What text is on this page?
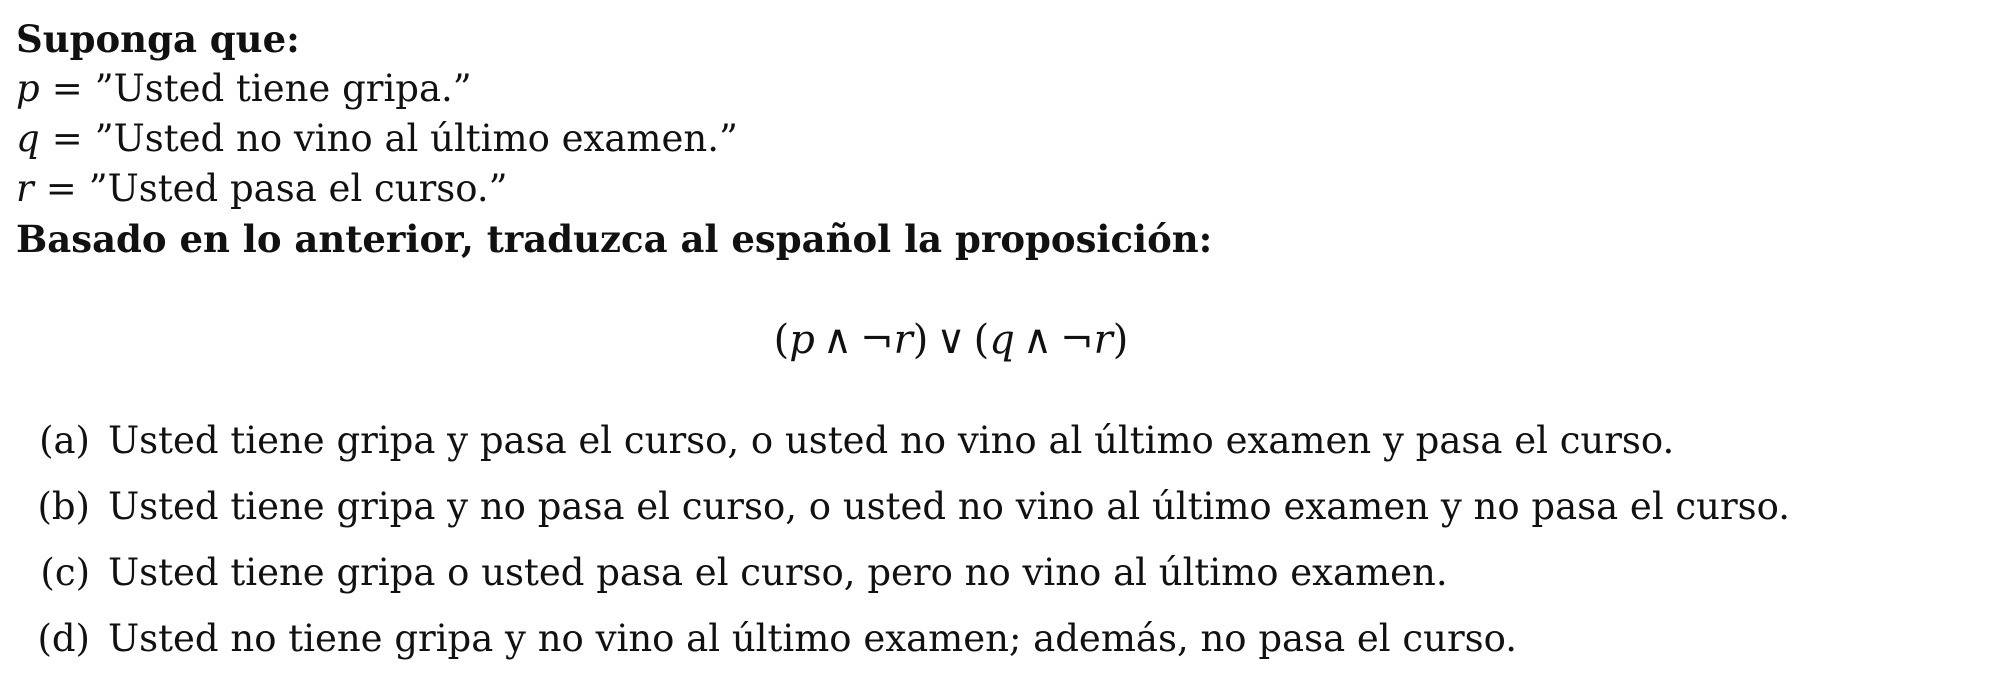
Suponga que:
p = ”Usted tiene gripa.”
q = ”Usted no vino al último examen.”
r = ”Usted pasa el curso.”
Basado en lo anterior, traduzca al español la proposición:
(p ∧ ¬r) ∨ (q ∧ ¬r)
(a) Usted tiene gripa y pasa el curso, o usted no vino al último examen y pasa el curso.
(b) Usted tiene gripa y no pasa el curso, o usted no vino al último examen y no pasa el curso.
(c) Usted tiene gripa o usted pasa el curso, pero no vino al último examen.
(d) Usted no tiene gripa y no vino al último examen; además, no pasa el curso.
